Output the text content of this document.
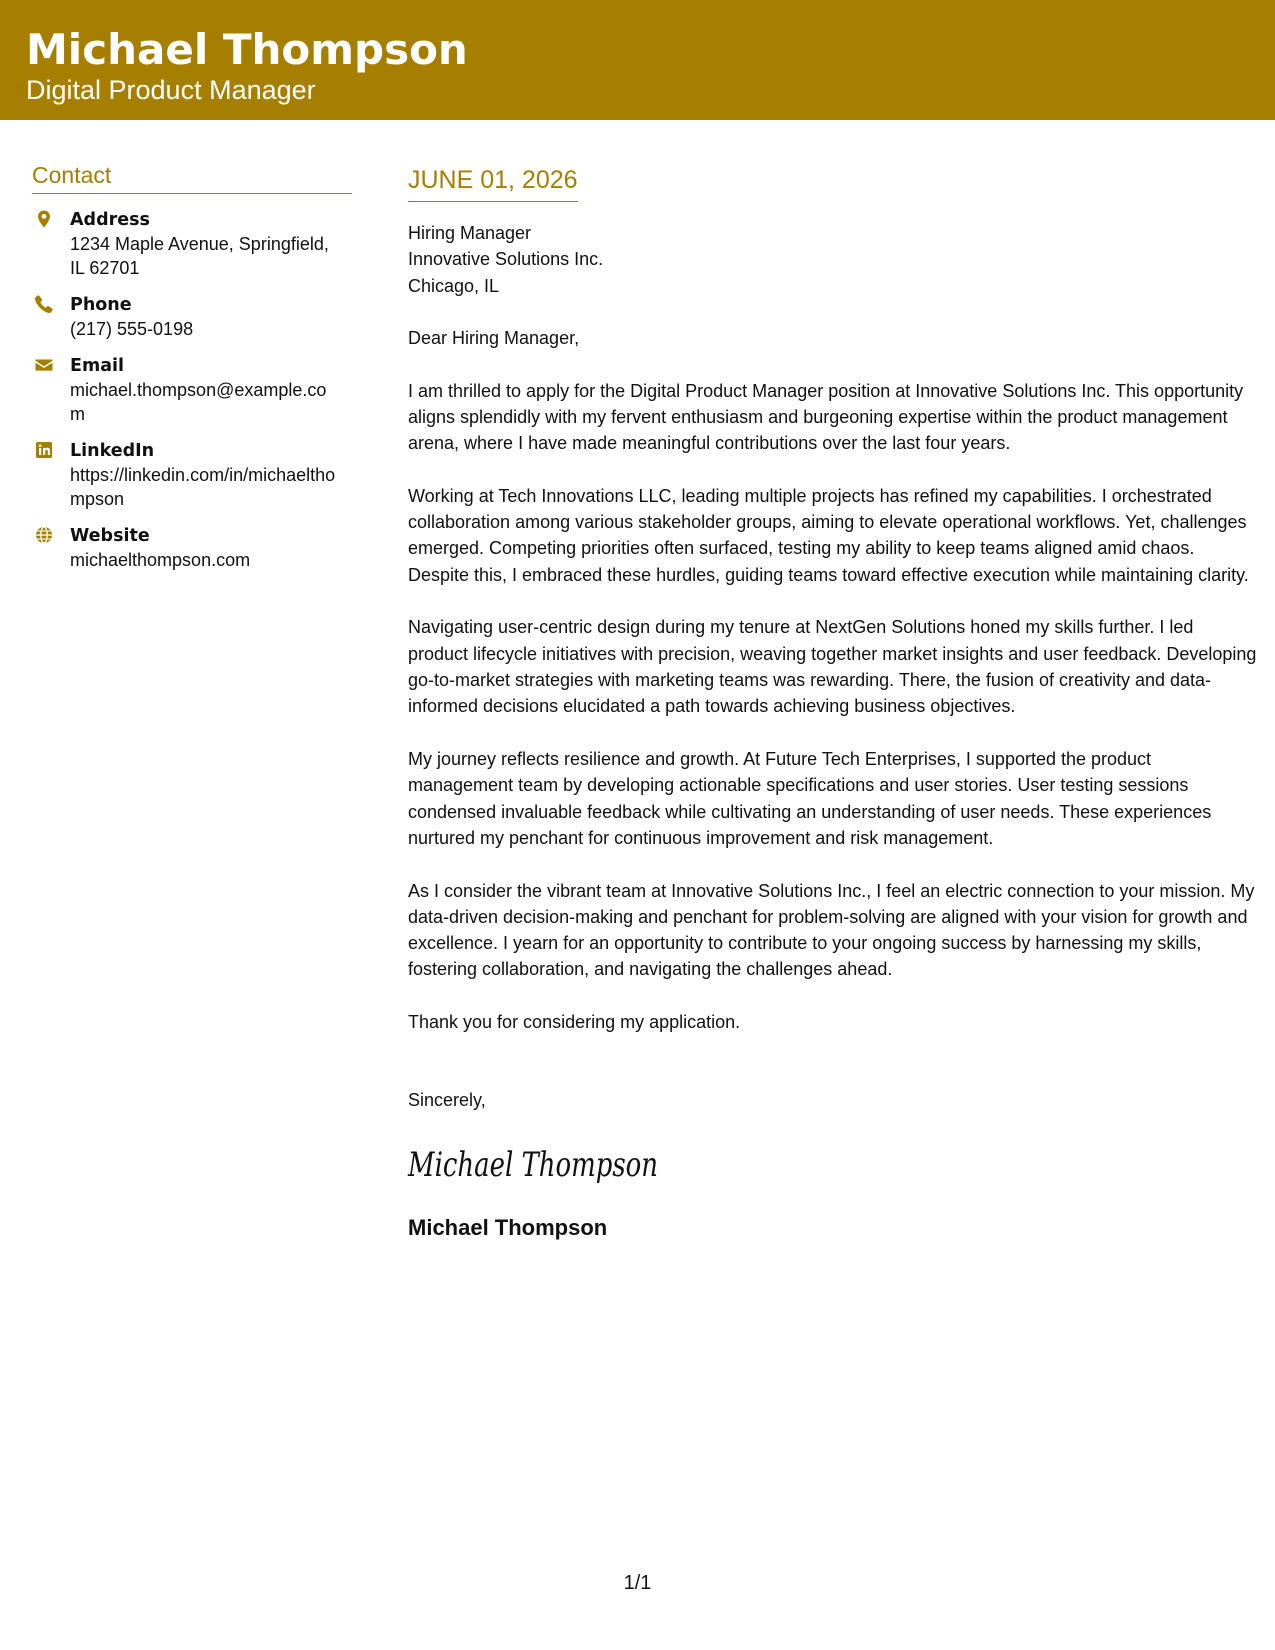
Michael Thompson
Digital Product Manager
Contact
Address
1234 Maple Avenue, Springfield, IL 62701
Phone
(217) 555-0198
Email
michael.thompson@example.com
LinkedIn
https://linkedin.com/in/michaelthompson
Website
michaelthompson.com
JUNE 01, 2026
Hiring Manager
Innovative Solutions Inc.
Chicago, IL

Dear Hiring Manager,

I am thrilled to apply for the Digital Product Manager position at Innovative Solutions Inc. This opportunity aligns splendidly with my fervent enthusiasm and burgeoning expertise within the product management arena, where I have made meaningful contributions over the last four years.

Working at Tech Innovations LLC, leading multiple projects has refined my capabilities. I orchestrated collaboration among various stakeholder groups, aiming to elevate operational workflows. Yet, challenges emerged. Competing priorities often surfaced, testing my ability to keep teams aligned amid chaos. Despite this, I embraced these hurdles, guiding teams toward effective execution while maintaining clarity.

Navigating user-centric design during my tenure at NextGen Solutions honed my skills further. I led product lifecycle initiatives with precision, weaving together market insights and user feedback. Developing go-to-market strategies with marketing teams was rewarding. There, the fusion of creativity and data-informed decisions elucidated a path towards achieving business objectives.

My journey reflects resilience and growth. At Future Tech Enterprises, I supported the product management team by developing actionable specifications and user stories. User testing sessions condensed invaluable feedback while cultivating an understanding of user needs. These experiences nurtured my penchant for continuous improvement and risk management.

As I consider the vibrant team at Innovative Solutions Inc., I feel an electric connection to your mission. My data-driven decision-making and penchant for problem-solving are aligned with your vision for growth and excellence. I yearn for an opportunity to contribute to your ongoing success by harnessing my skills, fostering collaboration, and navigating the challenges ahead.

Thank you for considering my application.

Sincerely,

Michael Thompson
Michael Thompson
1/1
